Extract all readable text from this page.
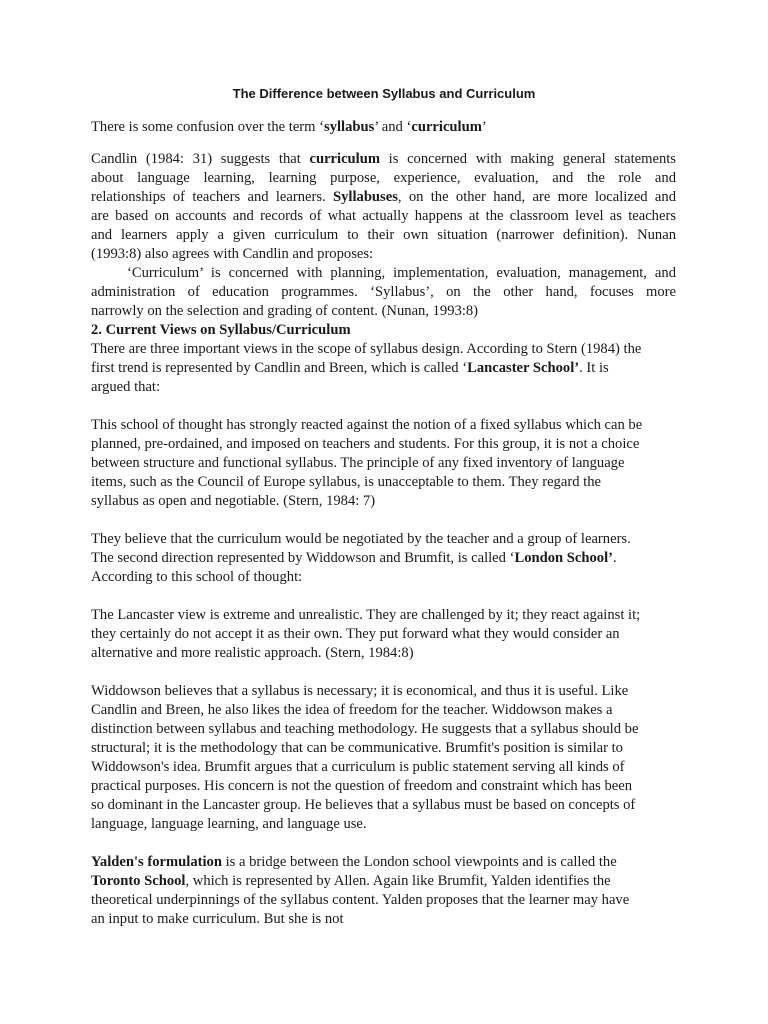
The Difference between Syllabus and Curriculum
There is some confusion over the term ‘syllabus’ and ‘curriculum’
Candlin (1984: 31) suggests that curriculum is concerned with making general statements
about language learning, learning purpose, experience, evaluation, and the role and
relationships of teachers and learners. Syllabuses, on the other hand, are more localized and
are based on accounts and records of what actually happens at the classroom level as teachers
and learners apply a given curriculum to their own situation (narrower definition). Nunan
(1993:8) also agrees with Candlin and proposes:
‘Curriculum’ is concerned with planning, implementation, evaluation, management, and
administration of education programmes. ‘Syllabus’, on the other hand, focuses more
narrowly on the selection and grading of content. (Nunan, 1993:8)
2. Current Views on Syllabus/Curriculum
There are three important views in the scope of syllabus design. According to Stern (1984) the
first trend is represented by Candlin and Breen, which is called ‘Lancaster School’. It is
argued that:
This school of thought has strongly reacted against the notion of a fixed syllabus which can be
planned, pre-ordained, and imposed on teachers and students. For this group, it is not a choice
between structure and functional syllabus. The principle of any fixed inventory of language
items, such as the Council of Europe syllabus, is unacceptable to them. They regard the
syllabus as open and negotiable. (Stern, 1984: 7)
They believe that the curriculum would be negotiated by the teacher and a group of learners.
The second direction represented by Widdowson and Brumfit, is called ‘London School’.
According to this school of thought:
The Lancaster view is extreme and unrealistic. They are challenged by it; they react against it;
they certainly do not accept it as their own. They put forward what they would consider an
alternative and more realistic approach. (Stern, 1984:8)
Widdowson believes that a syllabus is necessary; it is economical, and thus it is useful. Like
Candlin and Breen, he also likes the idea of freedom for the teacher. Widdowson makes a
distinction between syllabus and teaching methodology. He suggests that a syllabus should be
structural; it is the methodology that can be communicative. Brumfit's position is similar to
Widdowson's idea. Brumfit argues that a curriculum is public statement serving all kinds of
practical purposes. His concern is not the question of freedom and constraint which has been
so dominant in the Lancaster group. He believes that a syllabus must be based on concepts of
language, language learning, and language use.
Yalden's formulation is a bridge between the London school viewpoints and is called the
Toronto School, which is represented by Allen. Again like Brumfit, Yalden identifies the
theoretical underpinnings of the syllabus content. Yalden proposes that the learner may have
an input to make curriculum. But she is not
